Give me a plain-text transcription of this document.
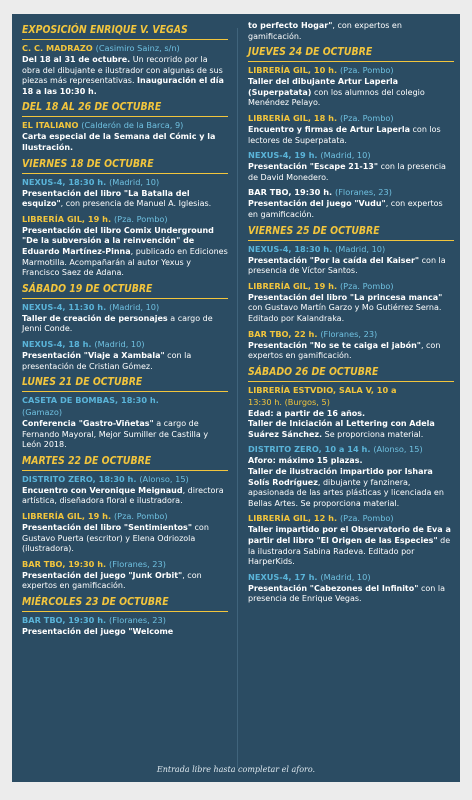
EXPOSICIÓN ENRIQUE V. VEGAS
C. C. MADRAZO (Casimiro Sainz, s/n)
Del 18 al 31 de octubre. Un recorrido por la obra del dibujante e ilustrador con algunas de sus piezas más representativas. Inauguración el día 18 a las 10:30 h.
DEL 18 AL 26 DE OCTUBRE
EL ITALIANO (Calderón de la Barca, 9)
Carta especial de la Semana del Cómic y la Ilustración.
VIERNES 18 DE OCTUBRE
NEXUS-4, 18:30 h. (Madrid, 10)
Presentación del libro "La Batalla del esquizo", con presencia de Manuel A. Iglesias.
LIBRERÍA GIL, 19 h. (Pza. Pombo)
Presentación del libro Comix Underground "De la subversión a la reinvención" de Eduardo Martínez-Pinna, publicado en Ediciones Marmotilla. Acompañarán al autor Yexus y Francisco Saez de Adana.
SÁBADO 19 DE OCTUBRE
NEXUS-4, 11:30 h. (Madrid, 10)
Taller de creación de personajes a cargo de Jenni Conde.
NEXUS-4, 18 h. (Madrid, 10)
Presentación "Viaje a Xambala" con la presentación de Cristian Gómez.
LUNES 21 DE OCTUBRE
CASETA DE BOMBAS, 18:30 h.
(Gamazo)
Conferencia "Gastro-Viñetas" a cargo de Fernando Mayoral, Mejor Sumiller de Castilla y León 2018.
MARTES 22 DE OCTUBRE
DISTRITO ZERO, 18:30 h. (Alonso, 15)
Encuentro con Veronique Meignaud, directora artística, diseñadora floral e ilustradora.
LIBRERÍA GIL, 19 h. (Pza. Pombo)
Presentación del libro "Sentimientos" con Gustavo Puerta (escritor) y Elena Odriozola (ilustradora).
BAR TBO, 19:30 h. (Floranes, 23)
Presentación del juego "Junk Orbit", con expertos en gamificación.
MIÉRCOLES 23 DE OCTUBRE
BAR TBO, 19:30 h. (Floranes, 23)
Presentación del juego "Welcome
to perfecto Hogar", con expertos en gamificación.
JUEVES 24 DE OCTUBRE
LIBRERÍA GIL, 10 h. (Pza. Pombo)
Taller del dibujante Artur Laperla (Superpatata) con los alumnos del colegio Menéndez Pelayo.
LIBRERÍA GIL, 18 h. (Pza. Pombo)
Encuentro y firmas de Artur Laperla con los lectores de Superpatata.
NEXUS-4, 19 h. (Madrid, 10)
Presentación "Escape 21-13" con la presencia de David Monedero.
BAR TBO, 19:30 h. (Floranes, 23)
Presentación del juego "Vudu", con expertos en gamificación.
VIERNES 25 DE OCTUBRE
NEXUS-4, 18:30 h. (Madrid, 10)
Presentación "Por la caída del Kaiser" con la presencia de Víctor Santos.
LIBRERÍA GIL, 19 h. (Pza. Pombo)
Presentación del libro "La princesa manca" con Gustavo Martín Garzo y Mo Gutiérrez Serna. Editado por Kalandraka.
BAR TBO, 22 h. (Floranes, 23)
Presentación "No se te caiga el jabón", con expertos en gamificación.
SÁBADO 26 DE OCTUBRE
LIBRERÍA ESTVDIO, SALA V, 10 a
13:30 h. (Burgos, 5)
Edad: a partir de 16 años.
Taller de Iniciación al Lettering con Adela Suárez Sánchez. Se proporciona material.
DISTRITO ZERO, 10 a 14 h. (Alonso, 15)
Aforo: máximo 15 plazas.
Taller de ilustración impartido por Ishara Solís Rodríguez, dibujante y fanzinera, apasionada de las artes plásticas y licenciada en Bellas Artes. Se proporciona material.
LIBRERÍA GIL, 12 h. (Pza. Pombo)
Taller impartido por el Observatorio de Eva a partir del libro "El Origen de las Especies" de la ilustradora Sabina Radeva. Editado por HarperKids.
NEXUS-4, 17 h. (Madrid, 10)
Presentación "Cabezones del Infinito" con la presencia de Enrique Vegas.
Entrada libre hasta completar el aforo.
